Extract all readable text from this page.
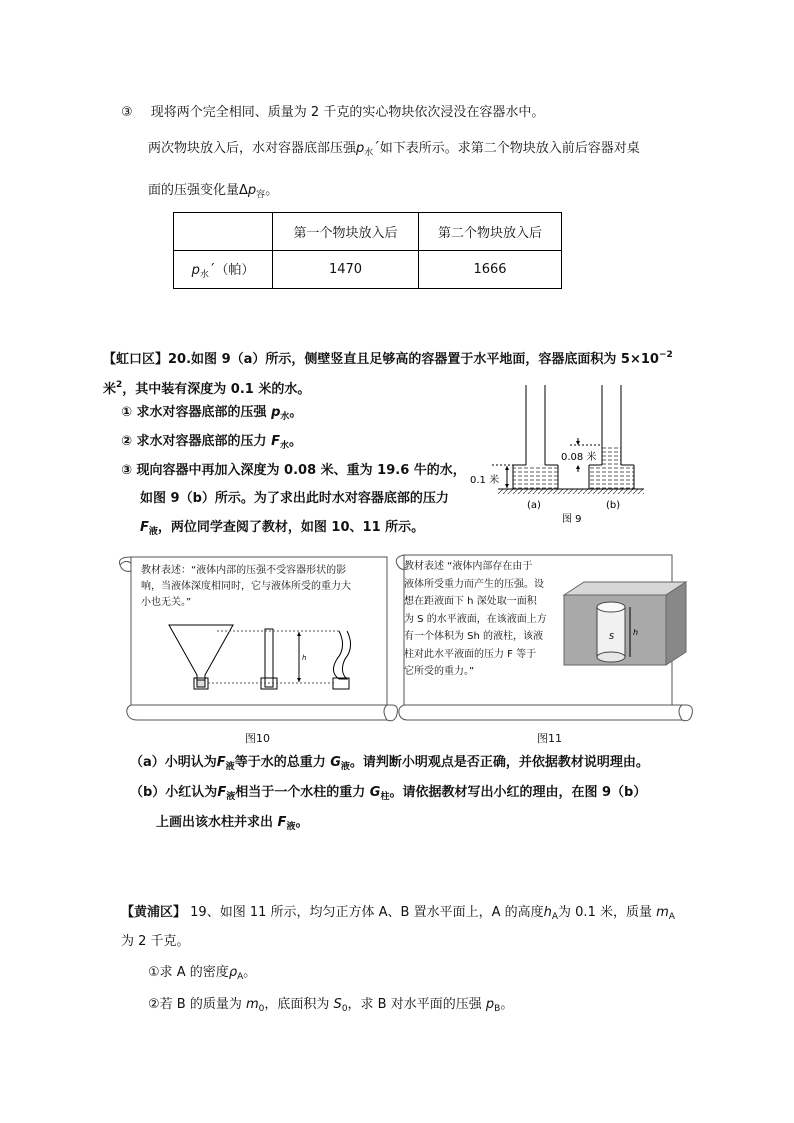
③ 现将两个完全相同、质量为 2 千克的实心物块依次浸没在容器水中。
两次物块放入后，水对容器底部压强$p_水´$如下表所示。求第二个物块放入前后容器对桌
面的压强变化量$\Delta p_容$。
	第一个物块放入后	第二个物块放入后
$p_水´$（帕）	1470	1666
【虹口区】20.如图 9（a）所示，侧壁竖直且足够高的容器置于水平地面，容器底面积为 $5\times 10^{-2}$
米$^2$，其中装有深度为 0.1 米的水。
① 求水对容器底部的压强 $p_水$。
② 求水对容器底部的压力 $F_水$。
③ 现向容器中再加入深度为 0.08 米、重为 19.6 牛的水，
如图 9（b）所示。为了求出此时水对容器底部的压力
$F_液$，两位同学查阅了教材，如图 10、11 所示。
0.1 米
0.08 米
(a)	(b)
图 9
h
教材表述：“液体内部的压强不受容器形状的影
响，当液体深度相同时，它与液体所受的重力大
小也无关。”
图10
h
S
教材表述 “液体内部存在由于
液体所受重力而产生的压强。设
想在距液面下 h 深处取一面积
为 S 的水平液面，在该液面上方
有一个体积为 Sh 的液柱，该液
柱对此水平液面的压力 F 等于
它所受的重力。”
图11
（a）小明认为$F_液$等于水的总重力 $G_液$。请判断小明观点是否正确，并依据教材说明理由。
（b）小红认为$F_液$相当于一个水柱的重力 $G_柱$。请依据教材写出小红的理由，在图 9（b）
上画出该水柱并求出 $F_液$。
【黄浦区】 19、如图 11 所示，均匀正方体 A、B 置水平面上，A 的高度$h_A$为 0.1 米，质量 $m_A$
为 2 千克。
①求 A 的密度$\rho_A$。
②若 B 的质量为 $m_0$，底面积为 $S_0$，求 B 对水平面的压强 $p_B$。
